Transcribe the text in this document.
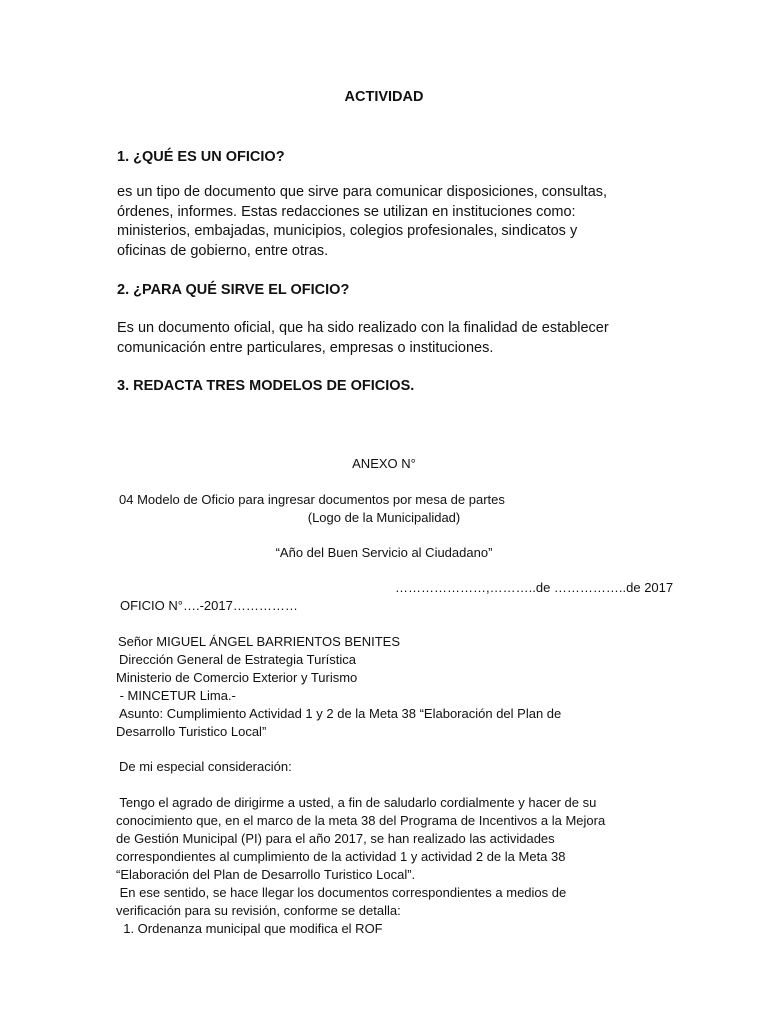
ACTIVIDAD
1. ¿QUÉ ES UN OFICIO?

es un tipo de documento que sirve para comunicar disposiciones, consultas,

órdenes, informes. Estas redacciones se utilizan en instituciones como:

ministerios, embajadas, municipios, colegios profesionales, sindicatos y

oficinas de gobierno, entre otras.

2. ¿PARA QUÉ SIRVE EL OFICIO?

Es un documento oficial, que ha sido realizado con la finalidad de establecer

comunicación entre particulares, empresas o instituciones.

3. REDACTA TRES MODELOS DE OFICIOS.
ANEXO N°
04 Modelo de Oficio para ingresar documentos por mesa de partes
(Logo de la Municipalidad)
“Año del Buen Servicio al Ciudadano”
…………………,………..de ……………..de 2017
OFICIO N°….-2017……………

Señor MIGUEL ÁNGEL BARRIENTOS BENITES

Dirección General de Estrategia Turística

Ministerio de Comercio Exterior y Turismo

- MINCETUR Lima.-

Asunto: Cumplimiento Actividad 1 y 2 de la Meta 38 “Elaboración del Plan de

Desarrollo Turistico Local”

De mi especial consideración:

Tengo el agrado de dirigirme a usted, a fin de saludarlo cordialmente y hacer de su

conocimiento que, en el marco de la meta 38 del Programa de Incentivos a la Mejora

de Gestión Municipal (PI) para el año 2017, se han realizado las actividades

correspondientes al cumplimiento de la actividad 1 y actividad 2 de la Meta 38

“Elaboración del Plan de Desarrollo Turistico Local”.

En ese sentido, se hace llegar los documentos correspondientes a medios de

verificación para su revisión, conforme se detalla:

1. Ordenanza municipal que modifica el ROF
